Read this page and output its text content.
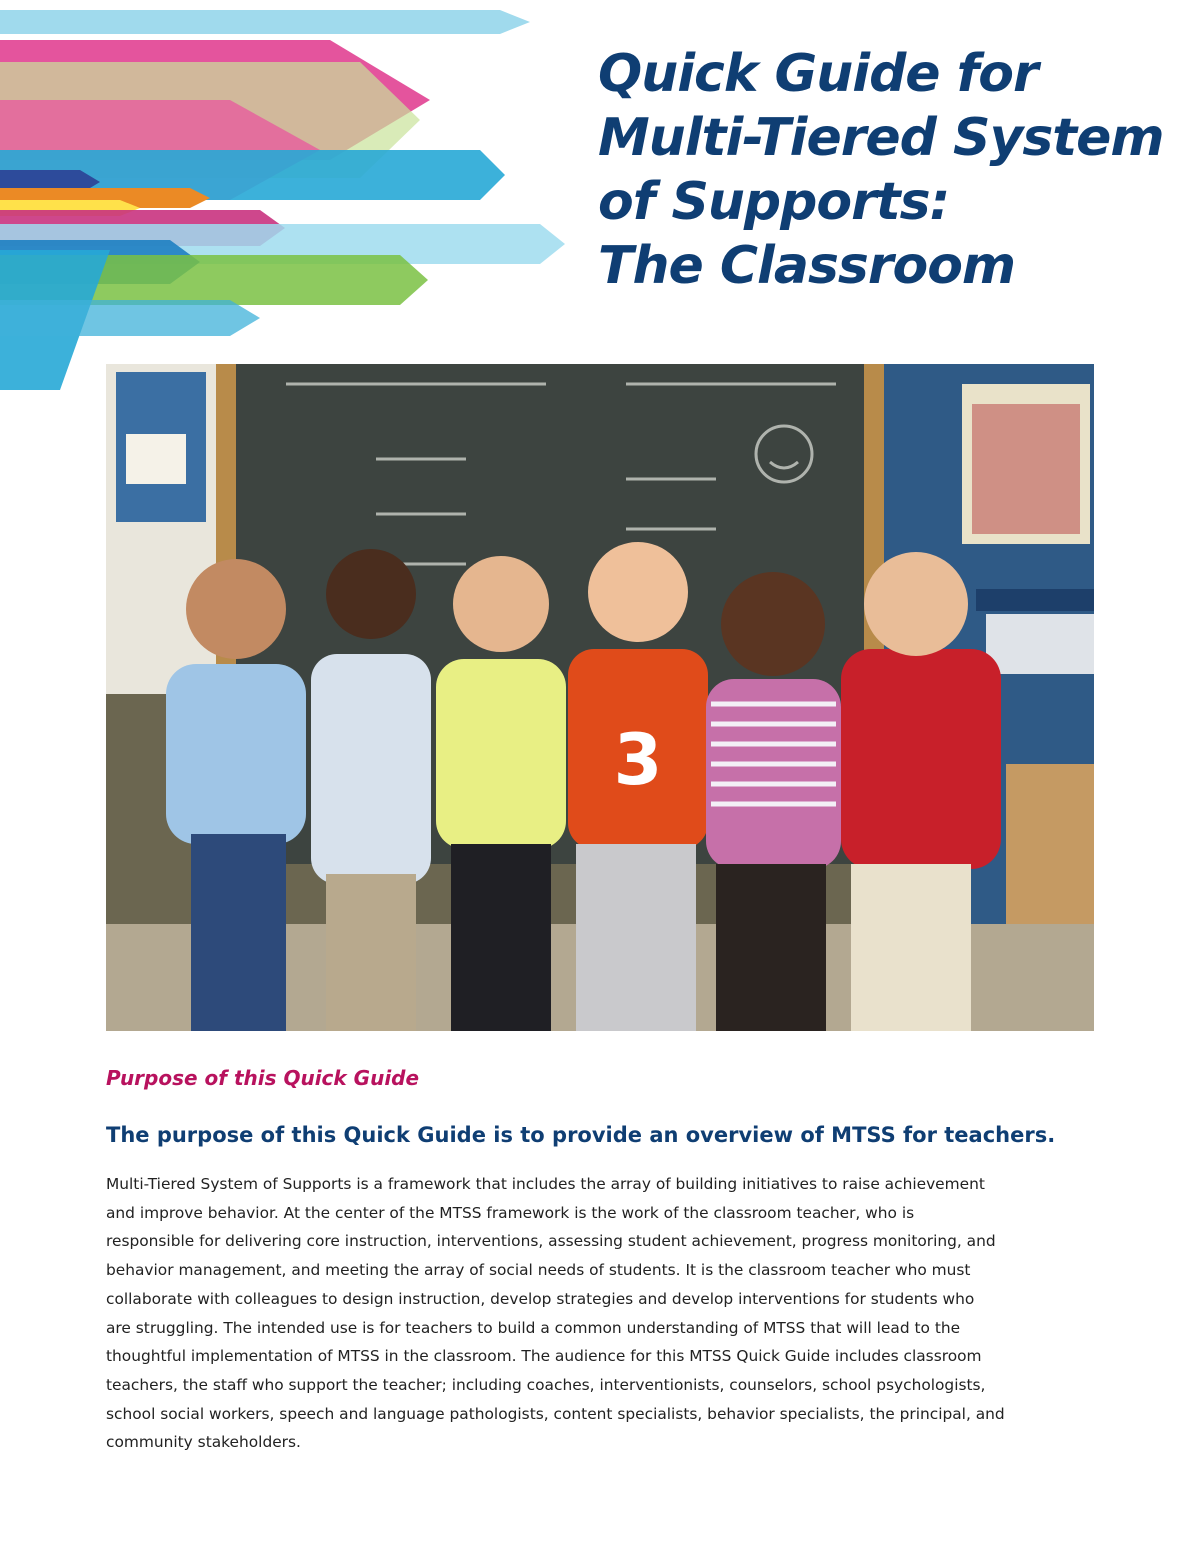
Quick Guide for
Multi-Tiered System
of Supports:
The Classroom
3
Purpose of this Quick Guide
The purpose of this Quick Guide is to provide an overview of MTSS for teachers.

Multi-Tiered System of Supports is a framework that includes the array of building initiatives to raise achievement
and improve behavior. At the center of the MTSS framework is the work of the classroom teacher, who is
responsible for delivering core instruction, interventions, assessing student achievement, progress monitoring, and
behavior management, and meeting the array of social needs of students. It is the classroom teacher who must
collaborate with colleagues to design instruction, develop strategies and develop interventions for students who
are struggling. The intended use is for teachers to build a common understanding of MTSS that will lead to the
thoughtful implementation of MTSS in the classroom. The audience for this MTSS Quick Guide includes classroom
teachers, the staff who support the teacher; including coaches, interventionists, counselors, school psychologists,
school social workers, speech and language pathologists, content specialists, behavior specialists, the principal, and
community stakeholders.
